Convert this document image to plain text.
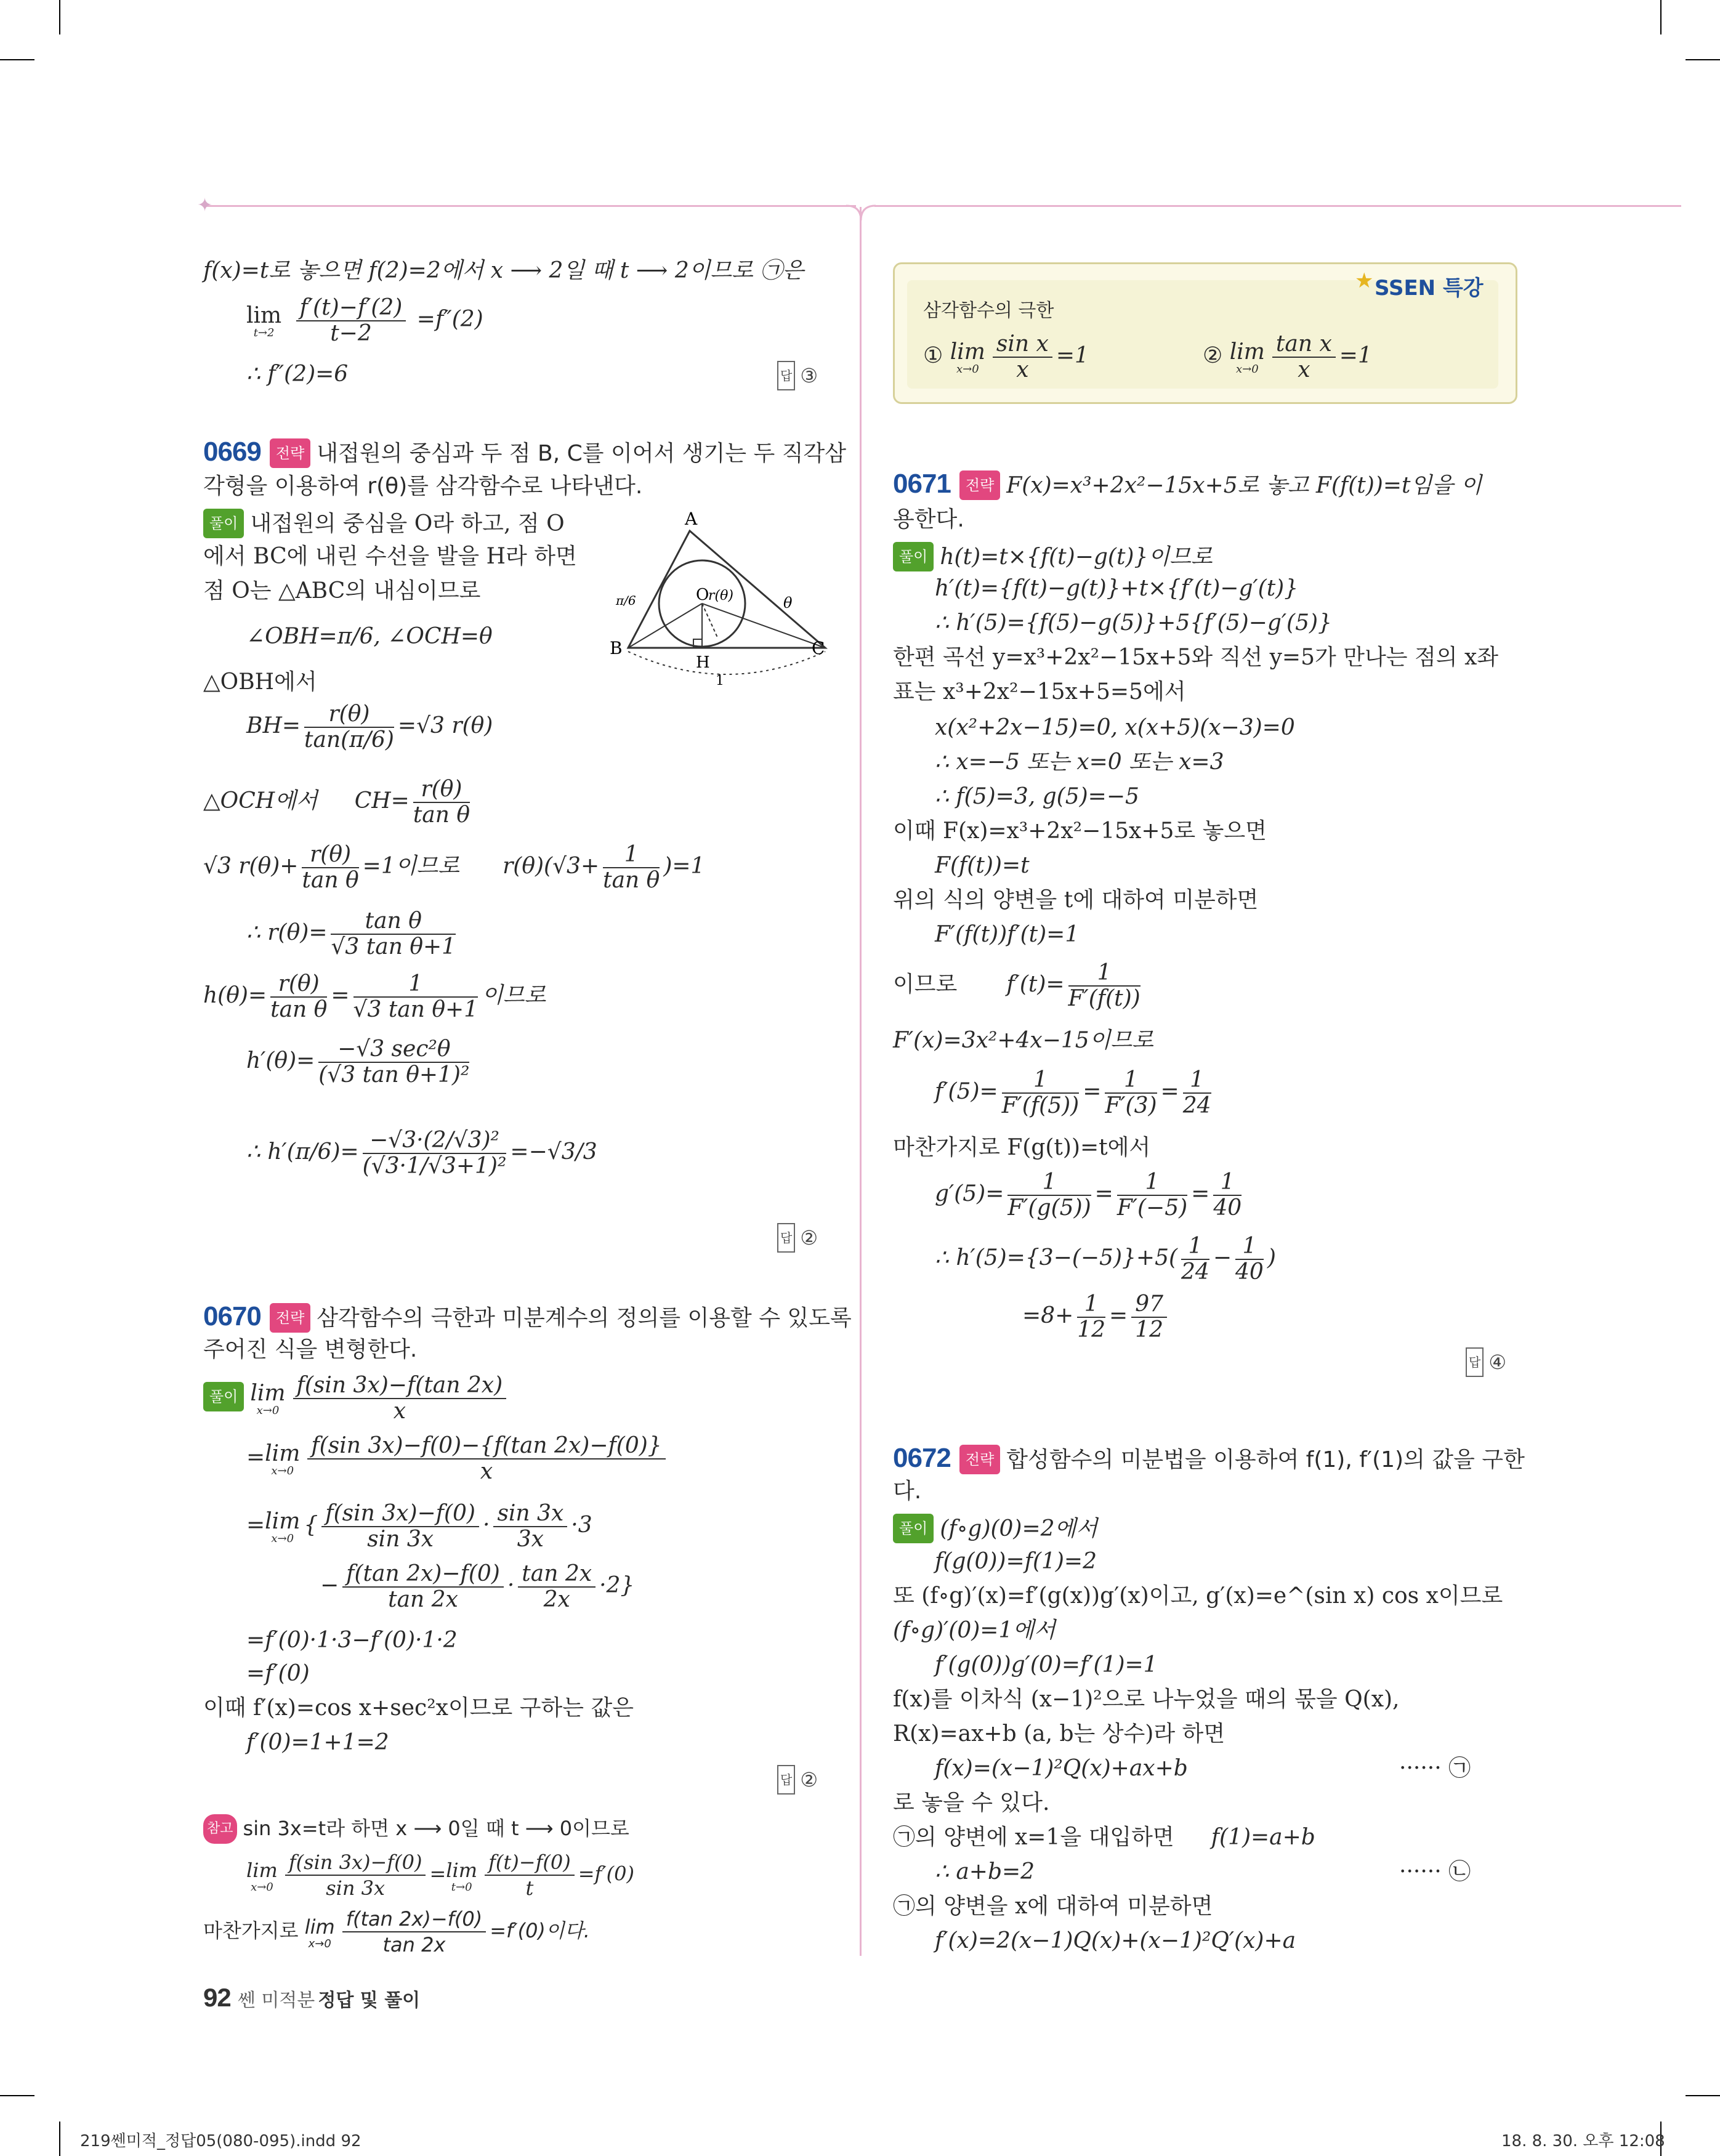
✦
f(x)=t로 놓으면 f(2)=2에서 x ⟶ 2일 때 t ⟶ 2이므로 ㉠은
lim
t→2
$\frac{f'(t)-f'(2)}{t-2} =f''(2)$
∴ f″(2)=6	답 ③
0669 전략 내접원의 중심과 두 점 B, C를 이어서 생기는 두 직각삼
각형을 이용하여 r(θ)를 삼각함수로 나타낸다.
풀이 내접원의 중심을 O라 하고, 점 O
에서 BC에 내린 수선을 발을 H라 하면
점 O는 △ABC의 내심이므로
∠OBH=π/6, ∠OCH=θ
△OBH에서
$BH= \frac{r(\theta)}{\tan(\pi/6)} =√3$ r(θ)
△OCH에서 $CH= \frac{r(\theta)}{\text{tan θ}}$
√3 $r(\theta)+ \frac{r(\theta)}{\text{tan θ}} =1$이므로 $r(\theta)(√3+ \frac{1}{\text{tan θ}} )=1$
∴ $r(\theta)= \frac{\text{tan θ}}{\text{√3 tan θ+1}}$
$h(\theta)= \frac{r(\theta)}{\text{tan θ}} = \frac{1}{\text{√3 tan θ+1}}$ 이므로
h′(θ)=	−√3 sec²θ
(√3 tan θ+1)²
∴ $h'(\pi/6)= \frac{\text{−√3·(2/√3)²}}{\text{(√3·1/√3+1)²}} =-√3/3$
답 ②
A
B	C
O
H
r(θ)	θ
π/6
1
0670 전략 삼각함수의 극한과 미분계수의 정의를 이용할 수 있도록
주어진 식을 변형한다.
풀이 lim
$x\to 0 \frac{f(\sin 3x)-f(\tan 2x)}{x}$
= lim
$x\to 0 \frac{f(\sin 3x)-f(0)-\{f(\tan 2x)-f(0)\}}{x}$
= lim
x→0
{ $\frac{f(\sin 3x)-f(0)}{\sin 3x} \cdot \frac{\sin 3x}{3x} \cdot 3$
− $\frac{f(\tan 2x)-f(0)}{\tan 2x} \cdot \frac{\tan 2x}{2x} \cdot 2$}
=f′(0)·1·3−f′(0)·1·2
=f′(0)
이때 f′(x)=cos x+sec²x이므로 구하는 값은
f′(0)=1+1=2
답 ②
참고 sin 3x=t라 하면 x ⟶ 0일 때 t ⟶ 0이므로
lim
$x\to 0 \frac{f(\sin 3x)-f(0)}{\sin 3x} = \lim$
$t\to 0 \frac{f(t)-f(0)}{t} =f'(0)$
마찬가지로 lim
$x\to 0 \frac{f(\tan 2x)-f(0)}{\tan 2x} =f'(0)$이다.
삼각함수의 극한
① lim
$x\to 0 \frac{\text{sin x}}{x} =1$	② lim
$x\to 0 \frac{\text{tan x}}{x} =1$
SSEN 특강
★
0671 전략 F(x)=x³+2x²−15x+5로 놓고 F(f(t))=t임을 이
용한다.
풀이 h(t)=t×{f(t)−g(t)}이므로
h′(t)={f(t)−g(t)}+t×{f′(t)−g′(t)}
∴ h′(5)={f(5)−g(5)}+5{f′(5)−g′(5)}
한편 곡선 y=x³+2x²−15x+5와 직선 y=5가 만나는 점의 x좌
표는 x³+2x²−15x+5=5에서
x(x²+2x−15)=0, x(x+5)(x−3)=0
∴ x=−5 또는 x=0 또는 x=3
∴ f(5)=3, g(5)=−5
이때 F(x)=x³+2x²−15x+5로 놓으면
F(f(t))=t
위의 식의 양변을 t에 대하여 미분하면
F′(f(t))f′(t)=1
이므로 $f'(t)= \frac{1}{F'(f(t))}$
F′(x)=3x²+4x−15이므로
$f'(5)= \frac{1}{F'(f(5))} = \frac{1}{F'(3)} = \frac{1}{24}$
마찬가지로 F(g(t))=t에서
$g'(5)= \frac{1}{F'(g(5))} = \frac{1}{F'(-5)} = \frac{1}{40}$
∴ $h'(5)=\{3-(-5)\}+5( \frac{1}{24} - \frac{1}{40}$ )
$=8+ \frac{1}{12} = \frac{97}{12}$
답 ④
0672 전략 합성함수의 미분법을 이용하여 f(1), f′(1)의 값을 구한
다.
풀이 (f∘g)(0)=2에서
f(g(0))=f(1)=2
또 (f∘g)′(x)=f′(g(x))g′(x)이고, g′(x)=e^(sin x) cos x이므로
(f∘g)′(0)=1에서
f′(g(0))g′(0)=f′(1)=1
f(x)를 이차식 (x−1)²으로 나누었을 때의 몫을 Q(x),
R(x)=ax+b (a, b는 상수)라 하면
f(x)=(x−1)²Q(x)+ax+b	······ ㉠
로 놓을 수 있다.
㉠의 양변에 x=1을 대입하면 f(1)=a+b
∴ a+b=2	······ ㉡
㉠의 양변을 x에 대하여 미분하면
f′(x)=2(x−1)Q(x)+(x−1)²Q′(x)+a
92 쎈 미적분 정답 및 풀이
219쎈미적_정답05(080-095).indd 92	18. 8. 30. 오후 12:08
